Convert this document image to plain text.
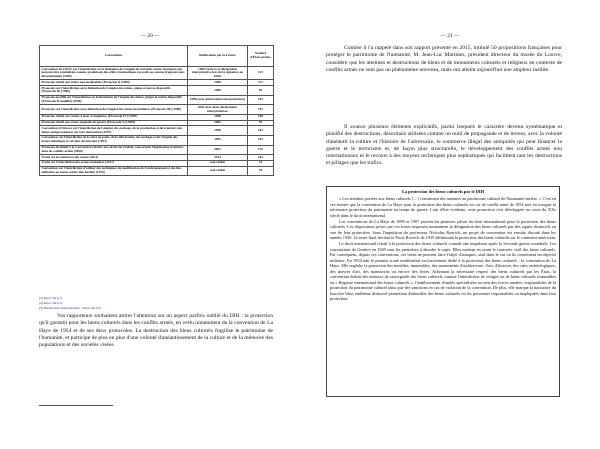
— 20 —
Conventions	Ratification par la France	Nombre d'États parties
Convention de l'ONU sur l'interdiction ou la limitation de l'emploi de certaines armes classiques qui peuvent être considérées comme produisant des effets traumatiques excessifs ou comme frappant sans discrimination (1980)	1988 (réserve et déclaration interprétative lors de la signature en 1981)	125
Protocole relatif aux éclats non localisables (Protocole I) (1980)	1988	117
Protocole sur l'interdiction ou la limitation de l'emploi des mines, pièges et autres dispositifs (Protocole II) (1980)	1988	95
Protocole modifié sur l'interdiction ou la limitation de l'emploi des mines, pièges et autres dispositifs (Protocole II modifié) (1996)	1998 (avec déclarations interprétatives)	105
Protocole sur l'interdiction ou la limitation de l'emploi des armes incendiaires (Protocole III) (1980)	2002 Avec deux déclarations interprétatives	115
Protocole relatif aux armes à laser aveuglantes (Protocole IV) (1995)	1998	108
Protocole relatif aux restes explosifs de guerre (Protocole V) (2003)	2006	93
Convention d'Ottawa sur l'interdiction de l'emploi, du stockage, de la production et du transfert des mines antipersonnel et sur leur destruction (1997)	1998	164
Convention sur l'interdiction de la mise au point, de la fabrication, du stockage et de l'emploi des armes chimiques et sur leur destruction (1993)	1995	193
Protocole facultatif à la Convention relative aux droits de l'enfant, concernant l'implication d'enfants dans les conflits armés (2000)	2003	170
Traité sur le commerce des armes (2013)	2014	104
Traité sur l'interdiction des armes nucléaires (2017)	non ratifié	23
Convention sur l'interdiction d'utiliser des techniques de modification de l'environnement à des fins militaires ou toutes autres fins hostiles (1976)	non ratifié	78
(1) https://bit.ly/2
(2) https://bit.ly/2
(3) Déclarations interprétatives : https://bit.ly/2

Vos rapporteurs souhaitent attirer l'attention sur un aspect parfois oublié du DIH : la protection qu'il garantit pour les biens culturels dans les conflits armés, en vertu notamment de la convention de La Haye de 1954 et de ses deux protocoles. La destruction des biens culturels fragilise le patrimoine de l'humanité, et participe de plus en plus d'une volonté d'anéantissement de la culture et de la mémoire des populations et des sociétés visées.

— 21 —

Comme il l'a rappelé dans son rapport présenté en 2015, intitulé 50 propositions françaises pour protéger le patrimoine de l'humanité, M. Jean-Luc Martinez, président directeur du musée du Louvre, considère que les atteintes et destructions de biens et de monuments culturels et religieux en contexte de conflits armés ne sont pas un phénomène nouveau, mais ont atteint aujourd'hui une ampleur inédite.

Il avance plusieurs éléments explicatifs, parmi lesquels le caractère devenu systématique et planifié des destructions, désormais utilisées comme un outil de propagande et de terreur, avec la volonté d'anéantir la culture et l'histoire de l'adversaire, le commerce illégal des antiquités qui peut financer la guerre et le terrorisme et, de façon plus structurelle, le développement des conflits armés non internationaux et le recours à des moyens techniques plus sophistiqués qui facilitent tant les destructions et pillages que les trafics.

La protection des biens culturels par le DIH

« Les atteintes portées aux biens culturels […] constituent des atteintes au patrimoine culturel de l'humanité entière. » C'est en ces termes que la convention de La Haye pour la protection des biens culturels en cas de conflit armé de 1954 met en exergue la nécessaire protection du patrimoine en temps de guerre. Loin d'être évidente, cette protection s'est développée au cours du XXe siècle dans le droit international.

Les conventions de La Haye de 1899 et 1907 portent les premiers jalons du droit international pour la protection des biens culturels. Les dispositions prises par ces textes imposent notamment la désignation des biens culturels par des signes distinctifs en vue de leur protection. Sous l'impulsion du professeur Nicholas Roerich, un projet de convention est ensuite discuté dans les années 1930. Le texte final devient le Pacte Roerich de 1935 définissant la protection des biens culturels sur le continent américain.

Le droit international relatif à la protection des biens culturels connaît une impulsion après la Seconde guerre mondiale. Les conventions de Genève en 1949 sont les premières à aborder le sujet. Elles mettent en avant le caractère civil des biens culturels. Par conséquent, depuis ces conventions, ces biens ne peuvent faire l'objet d'attaques, sauf dans le cas où ils constituent un objectif militaire. En 1954 naît le premier traité multilatéral exclusivement dédié à la protection des biens culturels : la convention de La Haye. Elle englobe la protection des meubles, immeubles, des monuments d'architecture, d'art, d'histoire, des sites archéologiques, des œuvres d'art, des manuscrits ou encore des livres. Affirmant la nécessaire respect des biens culturels par les États, la convention établit des mesures de sauvegarde des biens culturels comme l'interdiction de refuges ou de biens culturels immeubles au « Registre international des biens culturels », l'établissement d'unités spécialisées au sein des forces armées, responsables de la protection du patrimoine culturel ainsi que des sanctions en cas de violation de la convention. De plus, elle marque la naissance du bouclier bleu, emblème distinctif permettant d'identifier des biens culturels ou les personnes responsables ou impliquées dans leur protection.
